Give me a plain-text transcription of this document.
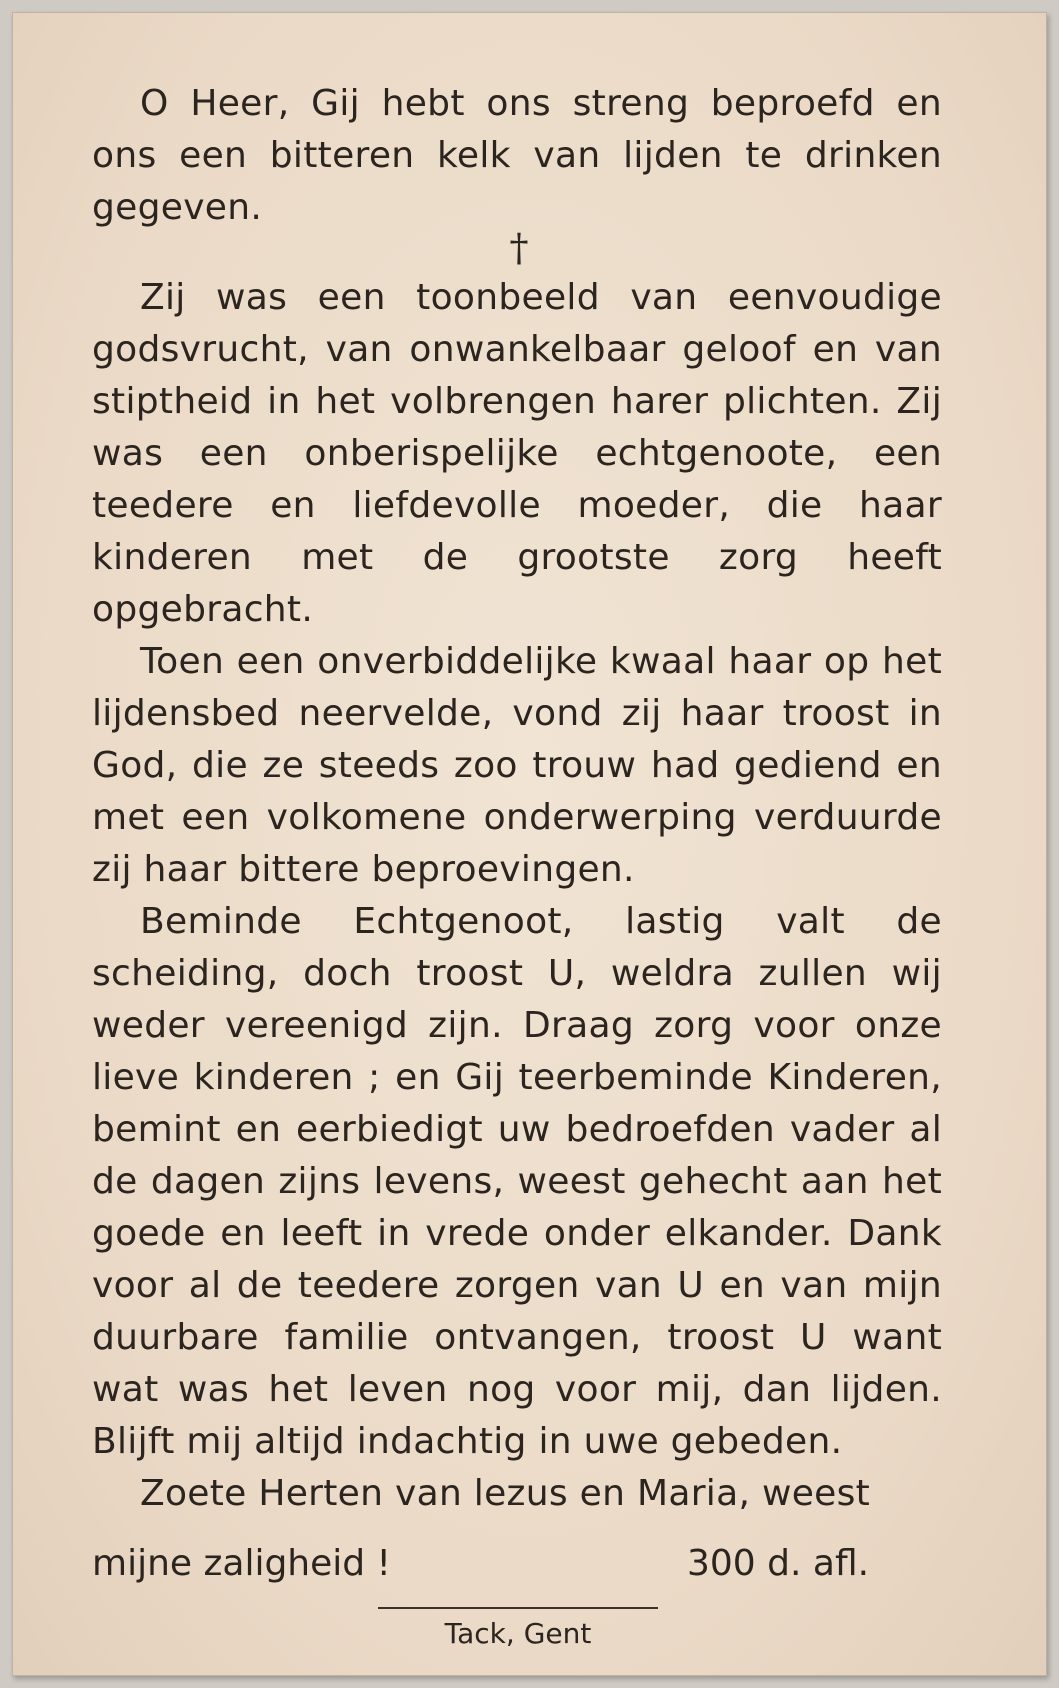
O Heer, Gij hebt ons streng beproefd en ons een bitteren kelk van lijden te drinken gegeven.

†

Zij was een toonbeeld van eenvoudige godsvrucht, van onwankelbaar geloof en van stiptheid in het volbrengen harer plichten. Zij was een onberispelijke echtgenoote, een teedere en liefdevolle moeder, die haar kinderen met de grootste zorg heeft opgebracht.

Toen een onverbiddelijke kwaal haar op het lijdensbed neervelde, vond zij haar troost in God, die ze steeds zoo trouw had gediend en met een volkomene onderwerping verduurde zij haar bittere beproevingen.

Beminde Echtgenoot, lastig valt de scheiding, doch troost U, weldra zullen wij weder vereenigd zijn. Draag zorg voor onze lieve kinderen ; en Gij teerbeminde Kinderen, bemint en eerbiedigt uw bedroefden vader al de dagen zijns levens, weest gehecht aan het goede en leeft in vrede onder elkander. Dank voor al de teedere zorgen van U en van mijn duurbare familie ontvangen, troost U want wat was het leven nog voor mij, dan lijden. Blijft mij altijd indachtig in uwe gebeden.

Zoete Herten van lezus en Maria, weest

mijne zaligheid !	300 d. afl.
Tack, Gent
